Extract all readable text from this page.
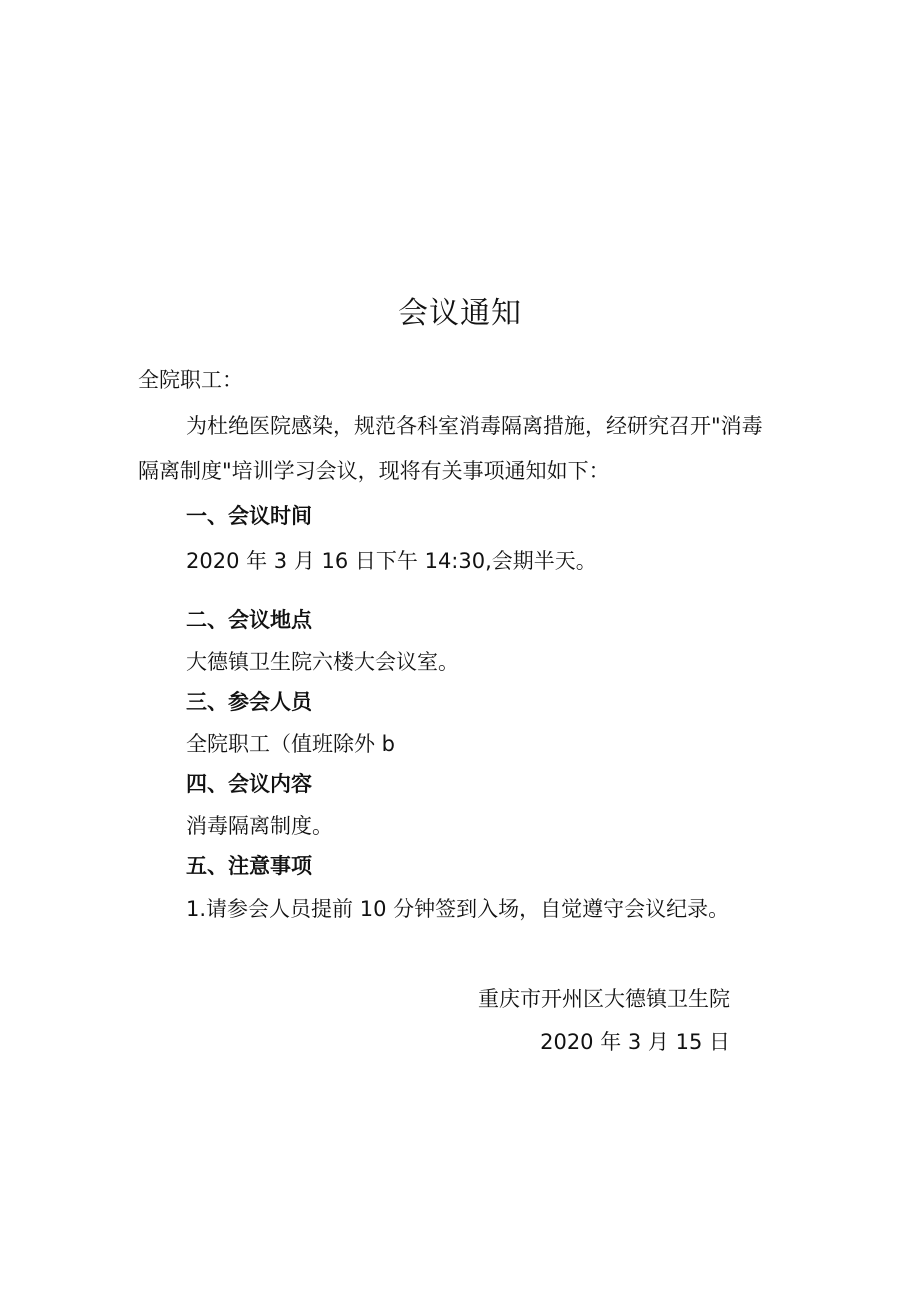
会议通知
全院职工：
为杜绝医院感染，规范各科室消毒隔离措施，经研究召开"消毒
隔离制度"培训学习会议，现将有关事项通知如下：
一、会议时间
2020 年 3 月 16 日下午 14:30,会期半天。
二、会议地点
大德镇卫生院六楼大会议室。
三、参会人员
全院职工（值班除外 b
四、会议内容
消毒隔离制度。
五、注意事项
1.请参会人员提前 10 分钟签到入场，自觉遵守会议纪录。
重庆市开州区大德镇卫生院
2020 年 3 月 15 日
